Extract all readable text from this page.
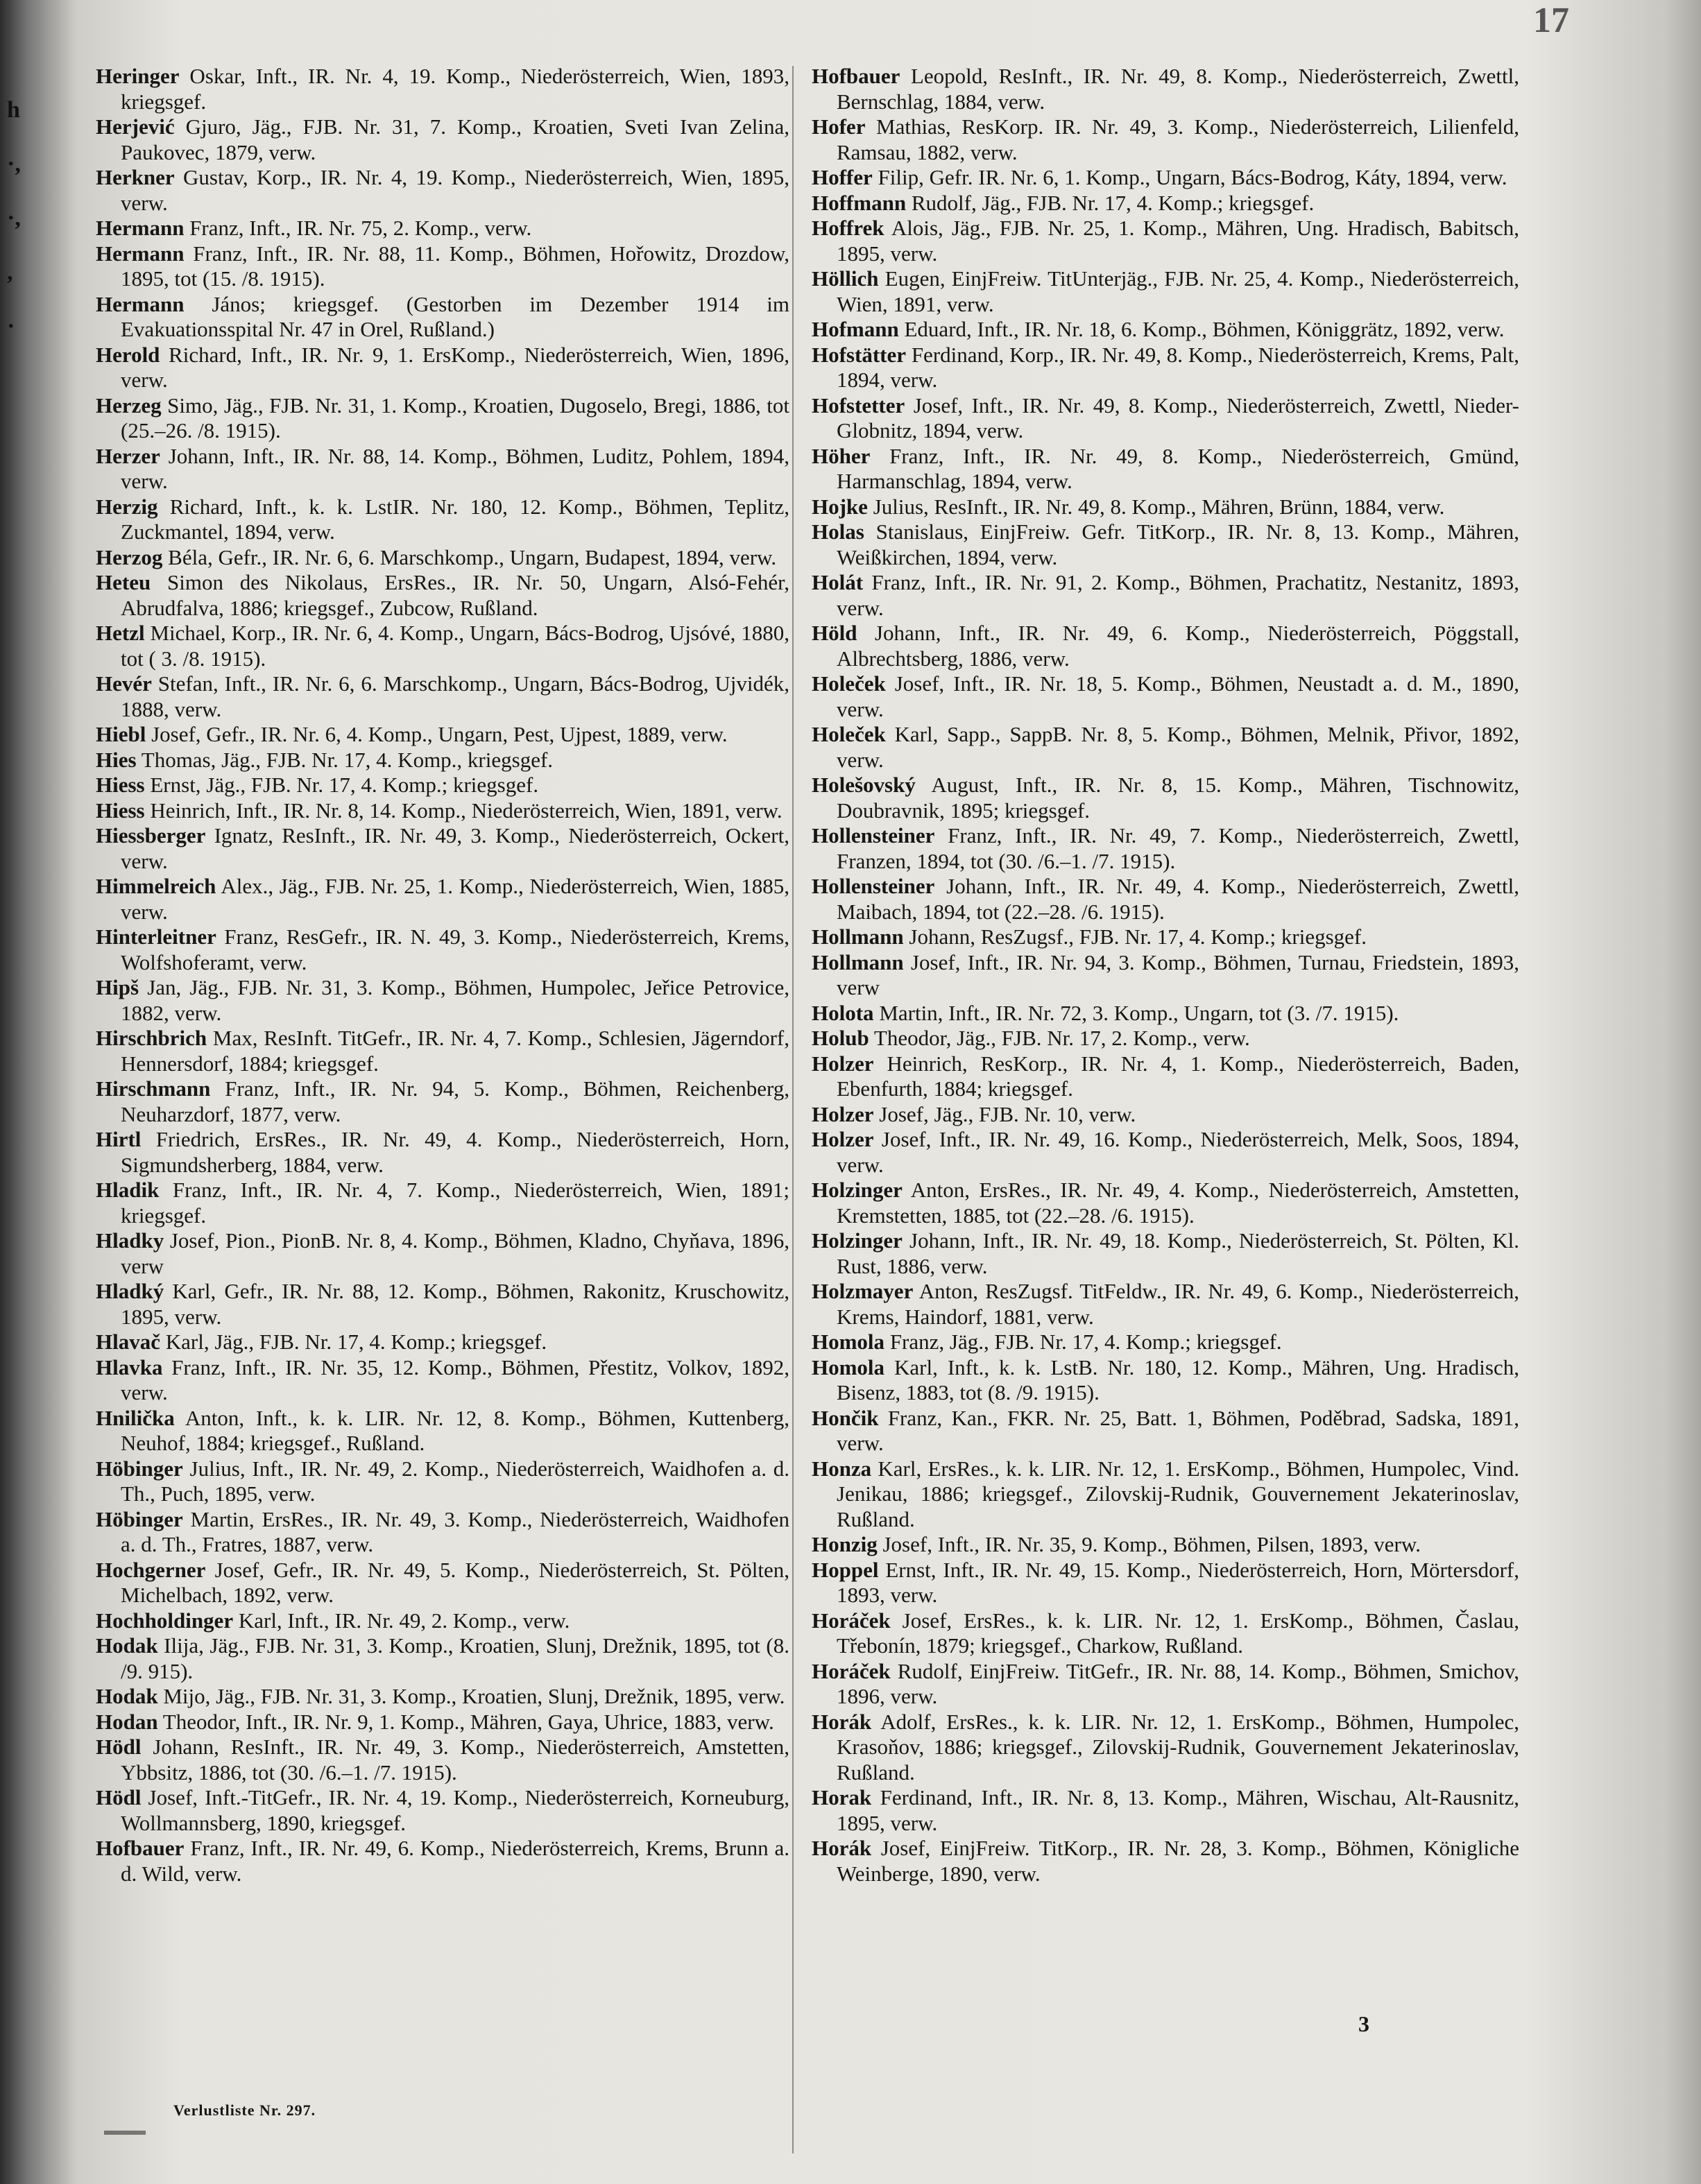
h
·,
·,
,
·
17

Heringer Oskar, Inft., IR. Nr. 4, 19. Komp., Niederösterreich, Wien, 1893, kriegsgef.

Herjević Gjuro, Jäg., FJB. Nr. 31, 7. Komp., Kroatien, Sveti Ivan Zelina, Paukovec, 1879, verw.

Herkner Gustav, Korp., IR. Nr. 4, 19. Komp., Niederösterreich, Wien, 1895, verw.

Hermann Franz, Inft., IR. Nr. 75, 2. Komp., verw.

Hermann Franz, Inft., IR. Nr. 88, 11. Komp., Böhmen, Hořowitz, Drozdow, 1895, tot (15. /8. 1915).

Hermann János; kriegsgef. (Gestorben im Dezember 1914 im Evakuationsspital Nr. 47 in Orel, Rußland.)

Herold Richard, Inft., IR. Nr. 9, 1. ErsKomp., Niederösterreich, Wien, 1896, verw.

Herzeg Simo, Jäg., FJB. Nr. 31, 1. Komp., Kroatien, Dugoselo, Bregi, 1886, tot (25.–26. /8. 1915).

Herzer Johann, Inft., IR. Nr. 88, 14. Komp., Böhmen, Luditz, Pohlem, 1894, verw.

Herzig Richard, Inft., k. k. LstIR. Nr. 180, 12. Komp., Böhmen, Teplitz, Zuckmantel, 1894, verw.

Herzog Béla, Gefr., IR. Nr. 6, 6. Marschkomp., Ungarn, Budapest, 1894, verw.

Heteu Simon des Nikolaus, ErsRes., IR. Nr. 50, Ungarn, Alsó-Fehér, Abrudfalva, 1886; kriegsgef., Zubcow, Rußland.

Hetzl Michael, Korp., IR. Nr. 6, 4. Komp., Ungarn, Bács-Bodrog, Ujsóvé, 1880, tot ( 3. /8. 1915).

Hevér Stefan, Inft., IR. Nr. 6, 6. Marschkomp., Ungarn, Bács-Bodrog, Ujvidék, 1888, verw.

Hiebl Josef, Gefr., IR. Nr. 6, 4. Komp., Ungarn, Pest, Ujpest, 1889, verw.

Hies Thomas, Jäg., FJB. Nr. 17, 4. Komp., kriegsgef.

Hiess Ernst, Jäg., FJB. Nr. 17, 4. Komp.; kriegsgef.

Hiess Heinrich, Inft., IR. Nr. 8, 14. Komp., Niederösterreich, Wien, 1891, verw.

Hiessberger Ignatz, ResInft., IR. Nr. 49, 3. Komp., Niederösterreich, Ockert, verw.

Himmelreich Alex., Jäg., FJB. Nr. 25, 1. Komp., Niederösterreich, Wien, 1885, verw.

Hinterleitner Franz, ResGefr., IR. N. 49, 3. Komp., Niederösterreich, Krems, Wolfshoferamt, verw.

Hipš Jan, Jäg., FJB. Nr. 31, 3. Komp., Böhmen, Humpolec, Jeřice Petrovice, 1882, verw.

Hirschbrich Max, ResInft. TitGefr., IR. Nr. 4, 7. Komp., Schlesien, Jägerndorf, Hennersdorf, 1884; kriegsgef.

Hirschmann Franz, Inft., IR. Nr. 94, 5. Komp., Böhmen, Reichenberg, Neuharzdorf, 1877, verw.

Hirtl Friedrich, ErsRes., IR. Nr. 49, 4. Komp., Niederösterreich, Horn, Sigmundsherberg, 1884, verw.

Hladik Franz, Inft., IR. Nr. 4, 7. Komp., Niederösterreich, Wien, 1891; kriegsgef.

Hladky Josef, Pion., PionB. Nr. 8, 4. Komp., Böhmen, Kladno, Chyňava, 1896, verw

Hladký Karl, Gefr., IR. Nr. 88, 12. Komp., Böhmen, Rakonitz, Kruschowitz, 1895, verw.

Hlavač Karl, Jäg., FJB. Nr. 17, 4. Komp.; kriegsgef.

Hlavka Franz, Inft., IR. Nr. 35, 12. Komp., Böhmen, Přestitz, Volkov, 1892, verw.

Hnilička Anton, Inft., k. k. LIR. Nr. 12, 8. Komp., Böhmen, Kuttenberg, Neuhof, 1884; kriegsgef., Rußland.

Höbinger Julius, Inft., IR. Nr. 49, 2. Komp., Niederösterreich, Waidhofen a. d. Th., Puch, 1895, verw.

Höbinger Martin, ErsRes., IR. Nr. 49, 3. Komp., Niederösterreich, Waidhofen a. d. Th., Fratres, 1887, verw.

Hochgerner Josef, Gefr., IR. Nr. 49, 5. Komp., Niederösterreich, St. Pölten, Michelbach, 1892, verw.

Hochholdinger Karl, Inft., IR. Nr. 49, 2. Komp., verw.

Hodak Ilija, Jäg., FJB. Nr. 31, 3. Komp., Kroatien, Slunj, Drežnik, 1895, tot (8. /9. 915).

Hodak Mijo, Jäg., FJB. Nr. 31, 3. Komp., Kroatien, Slunj, Drežnik, 1895, verw.

Hodan Theodor, Inft., IR. Nr. 9, 1. Komp., Mähren, Gaya, Uhrice, 1883, verw.

Hödl Johann, ResInft., IR. Nr. 49, 3. Komp., Niederösterreich, Amstetten, Ybbsitz, 1886, tot (30. /6.–1. /7. 1915).

Hödl Josef, Inft.-TitGefr., IR. Nr. 4, 19. Komp., Niederösterreich, Korneuburg, Wollmannsberg, 1890, kriegsgef.

Hofbauer Franz, Inft., IR. Nr. 49, 6. Komp., Niederösterreich, Krems, Brunn a. d. Wild, verw.

Hofbauer Leopold, ResInft., IR. Nr. 49, 8. Komp., Niederösterreich, Zwettl, Bernschlag, 1884, verw.

Hofer Mathias, ResKorp. IR. Nr. 49, 3. Komp., Niederösterreich, Lilienfeld, Ramsau, 1882, verw.

Hoffer Filip, Gefr. IR. Nr. 6, 1. Komp., Ungarn, Bács-Bodrog, Káty, 1894, verw.

Hoffmann Rudolf, Jäg., FJB. Nr. 17, 4. Komp.; kriegsgef.

Hoffrek Alois, Jäg., FJB. Nr. 25, 1. Komp., Mähren, Ung. Hradisch, Babitsch, 1895, verw.

Höllich Eugen, EinjFreiw. TitUnterjäg., FJB. Nr. 25, 4. Komp., Niederösterreich, Wien, 1891, verw.

Hofmann Eduard, Inft., IR. Nr. 18, 6. Komp., Böhmen, Königgrätz, 1892, verw.

Hofstätter Ferdinand, Korp., IR. Nr. 49, 8. Komp., Niederösterreich, Krems, Palt, 1894, verw.

Hofstetter Josef, Inft., IR. Nr. 49, 8. Komp., Niederösterreich, Zwettl, Nieder-Globnitz, 1894, verw.

Höher Franz, Inft., IR. Nr. 49, 8. Komp., Niederösterreich, Gmünd, Harmanschlag, 1894, verw.

Hojke Julius, ResInft., IR. Nr. 49, 8. Komp., Mähren, Brünn, 1884, verw.

Holas Stanislaus, EinjFreiw. Gefr. TitKorp., IR. Nr. 8, 13. Komp., Mähren, Weißkirchen, 1894, verw.

Holát Franz, Inft., IR. Nr. 91, 2. Komp., Böhmen, Prachatitz, Nestanitz, 1893, verw.

Höld Johann, Inft., IR. Nr. 49, 6. Komp., Niederösterreich, Pöggstall, Albrechtsberg, 1886, verw.

Holeček Josef, Inft., IR. Nr. 18, 5. Komp., Böhmen, Neustadt a. d. M., 1890, verw.

Holeček Karl, Sapp., SappB. Nr. 8, 5. Komp., Böhmen, Melnik, Přivor, 1892, verw.

Holešovský August, Inft., IR. Nr. 8, 15. Komp., Mähren, Tischnowitz, Doubravnik, 1895; kriegsgef.

Hollensteiner Franz, Inft., IR. Nr. 49, 7. Komp., Niederösterreich, Zwettl, Franzen, 1894, tot (30. /6.–1. /7. 1915).

Hollensteiner Johann, Inft., IR. Nr. 49, 4. Komp., Niederösterreich, Zwettl, Maibach, 1894, tot (22.–28. /6. 1915).

Hollmann Johann, ResZugsf., FJB. Nr. 17, 4. Komp.; kriegsgef.

Hollmann Josef, Inft., IR. Nr. 94, 3. Komp., Böhmen, Turnau, Friedstein, 1893, verw

Holota Martin, Inft., IR. Nr. 72, 3. Komp., Ungarn, tot (3. /7. 1915).

Holub Theodor, Jäg., FJB. Nr. 17, 2. Komp., verw.

Holzer Heinrich, ResKorp., IR. Nr. 4, 1. Komp., Niederösterreich, Baden, Ebenfurth, 1884; kriegsgef.

Holzer Josef, Jäg., FJB. Nr. 10, verw.

Holzer Josef, Inft., IR. Nr. 49, 16. Komp., Niederösterreich, Melk, Soos, 1894, verw.

Holzinger Anton, ErsRes., IR. Nr. 49, 4. Komp., Niederösterreich, Amstetten, Kremstetten, 1885, tot (22.–28. /6. 1915).

Holzinger Johann, Inft., IR. Nr. 49, 18. Komp., Niederösterreich, St. Pölten, Kl. Rust, 1886, verw.

Holzmayer Anton, ResZugsf. TitFeldw., IR. Nr. 49, 6. Komp., Niederösterreich, Krems, Haindorf, 1881, verw.

Homola Franz, Jäg., FJB. Nr. 17, 4. Komp.; kriegsgef.

Homola Karl, Inft., k. k. LstB. Nr. 180, 12. Komp., Mähren, Ung. Hradisch, Bisenz, 1883, tot (8. /9. 1915).

Hončik Franz, Kan., FKR. Nr. 25, Batt. 1, Böhmen, Poděbrad, Sadska, 1891, verw.

Honza Karl, ErsRes., k. k. LIR. Nr. 12, 1. ErsKomp., Böhmen, Humpolec, Vind. Jenikau, 1886; kriegsgef., Zilovskij-Rudnik, Gouvernement Jekaterinoslav, Rußland.

Honzig Josef, Inft., IR. Nr. 35, 9. Komp., Böhmen, Pilsen, 1893, verw.

Hoppel Ernst, Inft., IR. Nr. 49, 15. Komp., Niederösterreich, Horn, Mörtersdorf, 1893, verw.

Horáček Josef, ErsRes., k. k. LIR. Nr. 12, 1. ErsKomp., Böhmen, Časlau, Třebonín, 1879; kriegsgef., Charkow, Rußland.

Horáček Rudolf, EinjFreiw. TitGefr., IR. Nr. 88, 14. Komp., Böhmen, Smichov, 1896, verw.

Horák Adolf, ErsRes., k. k. LIR. Nr. 12, 1. ErsKomp., Böhmen, Humpolec, Krasoňov, 1886; kriegsgef., Zilovskij-Rudnik, Gouvernement Jekaterinoslav, Rußland.

Horak Ferdinand, Inft., IR. Nr. 8, 13. Komp., Mähren, Wischau, Alt-Rausnitz, 1895, verw.

Horák Josef, EinjFreiw. TitKorp., IR. Nr. 28, 3. Komp., Böhmen, Königliche Weinberge, 1890, verw.

3
Verlustliste Nr. 297.
